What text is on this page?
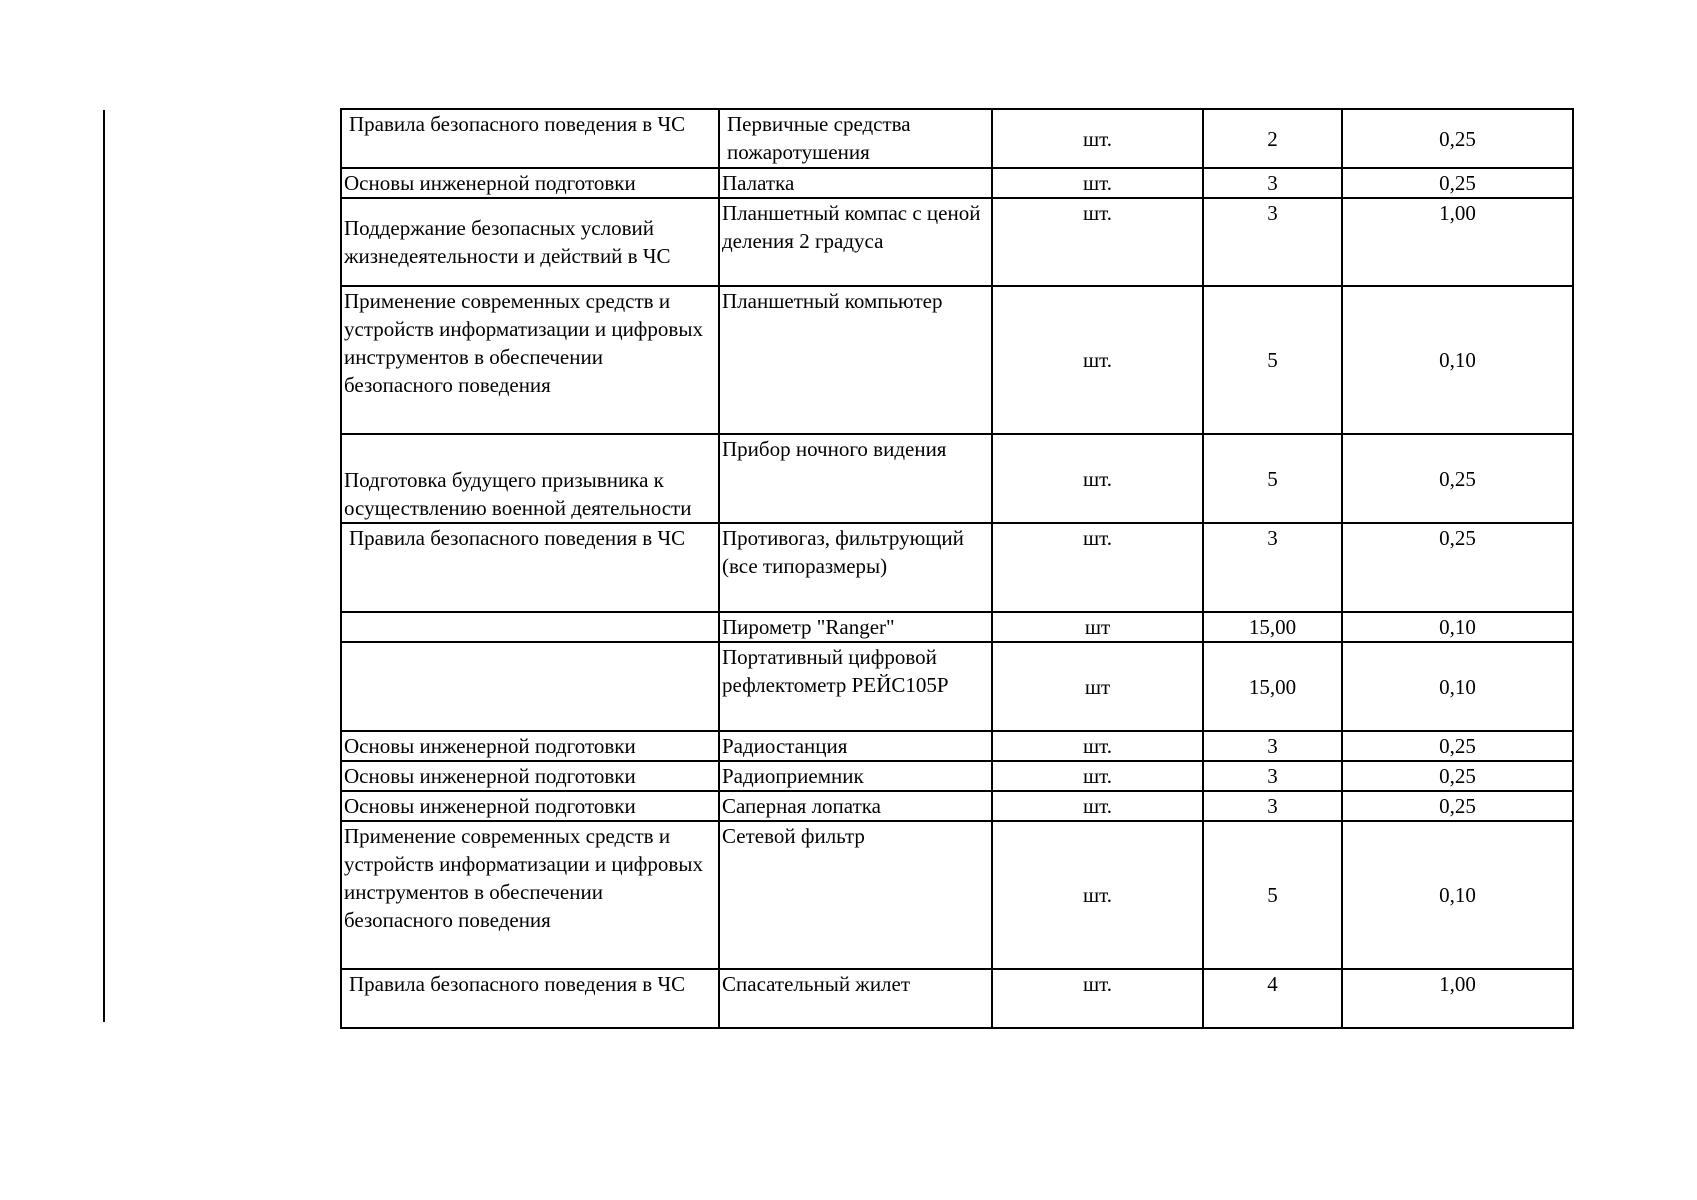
Правила безопасного поведения в ЧС	Первичные средства пожаротушения	шт.	2	0,25
Основы инженерной подготовки	Палатка	шт.	3	0,25
Поддержание безопасных условий жизнедеятельности и действий в ЧС	Планшетный компас с ценой деления 2 градуса	шт.	3	1,00
Применение современных средств и устройств информатизации и цифровых инструментов в обеспечении безопасного поведения	Планшетный компьютер	шт.	5	0,10
Подготовка будущего призывника к осуществлению военной деятельности	Прибор ночного видения	шт.	5	0,25
Правила безопасного поведения в ЧС	Противогаз, фильтрующий (все типоразмеры)	шт.	3	0,25
	Пирометр "Ranger"	шт	15,00	0,10
	Портативный цифровой рефлектометр РЕЙС105Р	шт	15,00	0,10
Основы инженерной подготовки	Радиостанция	шт.	3	0,25
Основы инженерной подготовки	Радиоприемник	шт.	3	0,25
Основы инженерной подготовки	Саперная лопатка	шт.	3	0,25
Применение современных средств и устройств информатизации и цифровых инструментов в обеспечении безопасного поведения	Сетевой фильтр	шт.	5	0,10
Правила безопасного поведения в ЧС	Спасательный жилет	шт.	4	1,00
